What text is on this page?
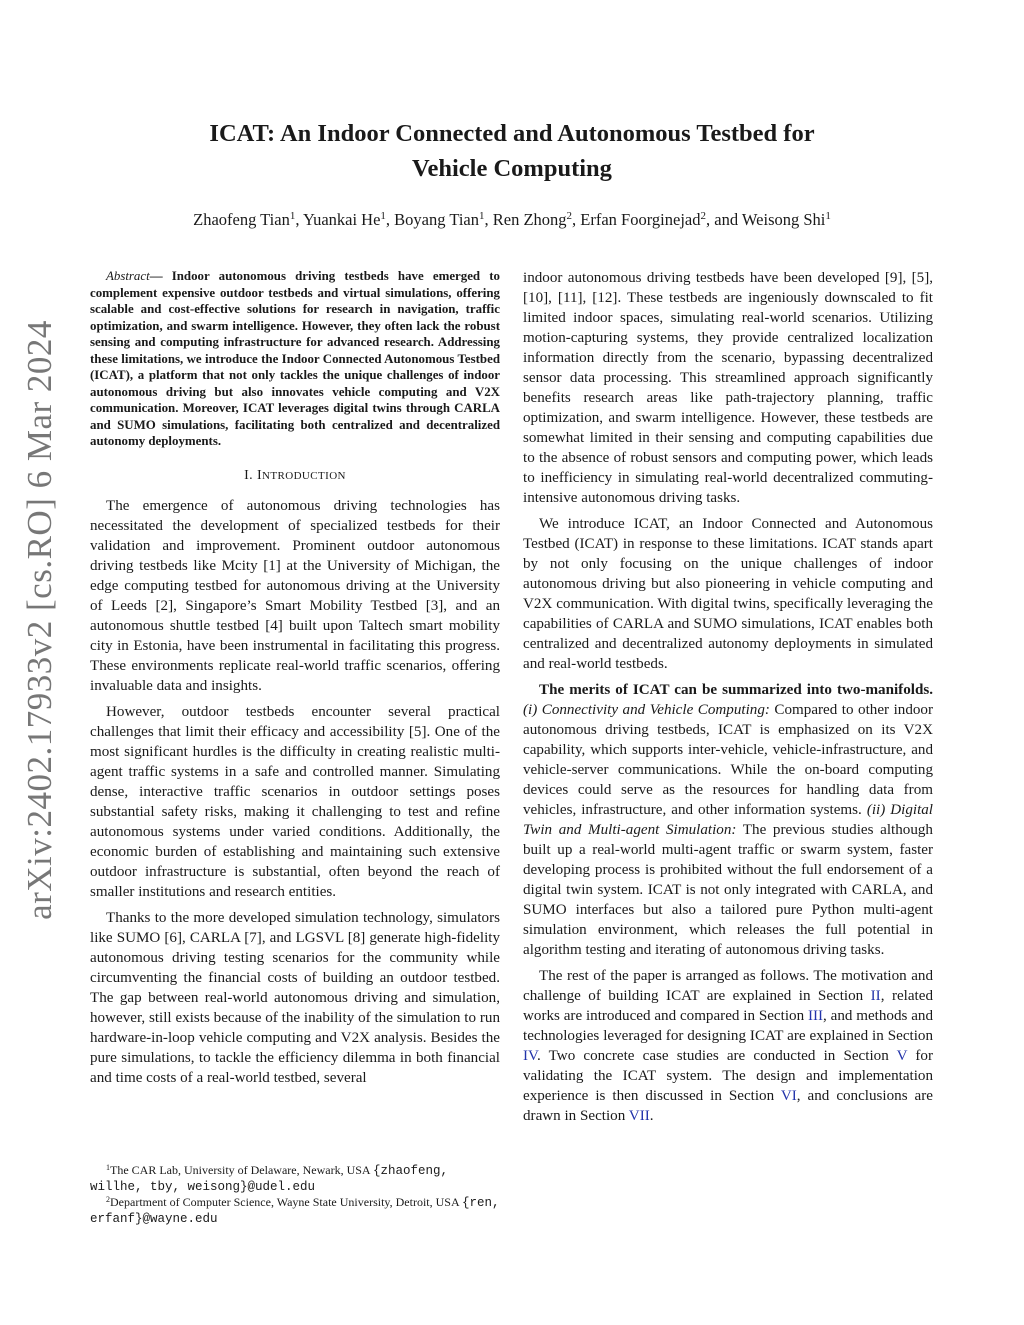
arXiv:2402.17933v2 [cs.RO] 6 Mar 2024
ICAT: An Indoor Connected and Autonomous Testbed for
Vehicle Computing
Zhaofeng Tian$^1$, Yuankai He$^1$, Boyang Tian$^1$, Ren Zhong$^2$, Erfan Foorginejad$^2$, and Weisong Shi$^1$

Abstract— Indoor autonomous driving testbeds have emerged to complement expensive outdoor testbeds and virtual simulations, offering scalable and cost-effective solutions for research in navigation, traffic optimization, and swarm intelligence. However, they often lack the robust sensing and computing infrastructure for advanced research. Addressing these limitations, we introduce the Indoor Connected Autonomous Testbed (ICAT), a platform that not only tackles the unique challenges of indoor autonomous driving but also innovates vehicle computing and V2X communication. Moreover, ICAT leverages digital twins through CARLA and SUMO simulations, facilitating both centralized and decentralized autonomy deployments.

I. INTRODUCTION

The emergence of autonomous driving technologies has necessitated the development of specialized testbeds for their validation and improvement. Prominent outdoor autonomous driving testbeds like Mcity [1] at the University of Michigan, the edge computing testbed for autonomous driving at the University of Leeds [2], Singapore’s Smart Mobility Testbed [3], and an autonomous shuttle testbed [4] built upon Taltech smart mobility city in Estonia, have been instrumental in facilitating this progress. These environments replicate real-world traffic scenarios, offering invaluable data and insights.

However, outdoor testbeds encounter several practical challenges that limit their efficacy and accessibility [5]. One of the most significant hurdles is the difficulty in creating realistic multi-agent traffic systems in a safe and controlled manner. Simulating dense, interactive traffic scenarios in outdoor settings poses substantial safety risks, making it challenging to test and refine autonomous systems under varied conditions. Additionally, the economic burden of establishing and maintaining such extensive outdoor infrastructure is substantial, often beyond the reach of smaller institutions and research entities.

Thanks to the more developed simulation technology, simulators like SUMO [6], CARLA [7], and LGSVL [8] generate high-fidelity autonomous driving testing scenarios for the community while circumventing the financial costs of building an outdoor testbed. The gap between real-world autonomous driving and simulation, however, still exists because of the inability of the simulation to run hardware-in-loop vehicle computing and V2X analysis. Besides the pure simulations, to tackle the efficiency dilemma in both financial and time costs of a real-world testbed, several

indoor autonomous driving testbeds have been developed [9], [5], [10], [11], [12]. These testbeds are ingeniously downscaled to fit limited indoor spaces, simulating real-world scenarios. Utilizing motion-capturing systems, they provide centralized localization information directly from the scenario, bypassing decentralized sensor data processing. This streamlined approach significantly benefits research areas like path-trajectory planning, traffic optimization, and swarm intelligence. However, these testbeds are somewhat limited in their sensing and computing capabilities due to the absence of robust sensors and computing power, which leads to inefficiency in simulating real-world decentralized commuting-intensive autonomous driving tasks.

We introduce ICAT, an Indoor Connected and Autonomous Testbed (ICAT) in response to these limitations. ICAT stands apart by not only focusing on the unique challenges of indoor autonomous driving but also pioneering in vehicle computing and V2X communication. With digital twins, specifically leveraging the capabilities of CARLA and SUMO simulations, ICAT enables both centralized and decentralized autonomy deployments in simulated and real-world testbeds.

The merits of ICAT can be summarized into two-manifolds. (i) Connectivity and Vehicle Computing: Compared to other indoor autonomous driving testbeds, ICAT is emphasized on its V2X capability, which supports inter-vehicle, vehicle-infrastructure, and vehicle-server communications. While the on-board computing devices could serve as the resources for handling data from vehicles, infrastructure, and other information systems. (ii) Digital Twin and Multi-agent Simulation: The previous studies although built up a real-world multi-agent traffic or swarm system, faster developing process is prohibited without the full endorsement of a digital twin system. ICAT is not only integrated with CARLA, and SUMO interfaces but also a tailored pure Python multi-agent simulation environment, which releases the full potential in algorithm testing and iterating of autonomous driving tasks.

The rest of the paper is arranged as follows. The motivation and challenge of building ICAT are explained in Section II, related works are introduced and compared in Section III, and methods and technologies leveraged for designing ICAT are explained in Section IV. Two concrete case studies are conducted in Section V for validating the ICAT system. The design and implementation experience is then discussed in Section VI, and conclusions are drawn in Section VII.

$^1$The CAR Lab, University of Delaware, Newark, USA {zhaofeng, willhe, tby, weisong}@udel.edu

$^2$Department of Computer Science, Wayne State University, Detroit, USA {ren, erfanf}@wayne.edu
